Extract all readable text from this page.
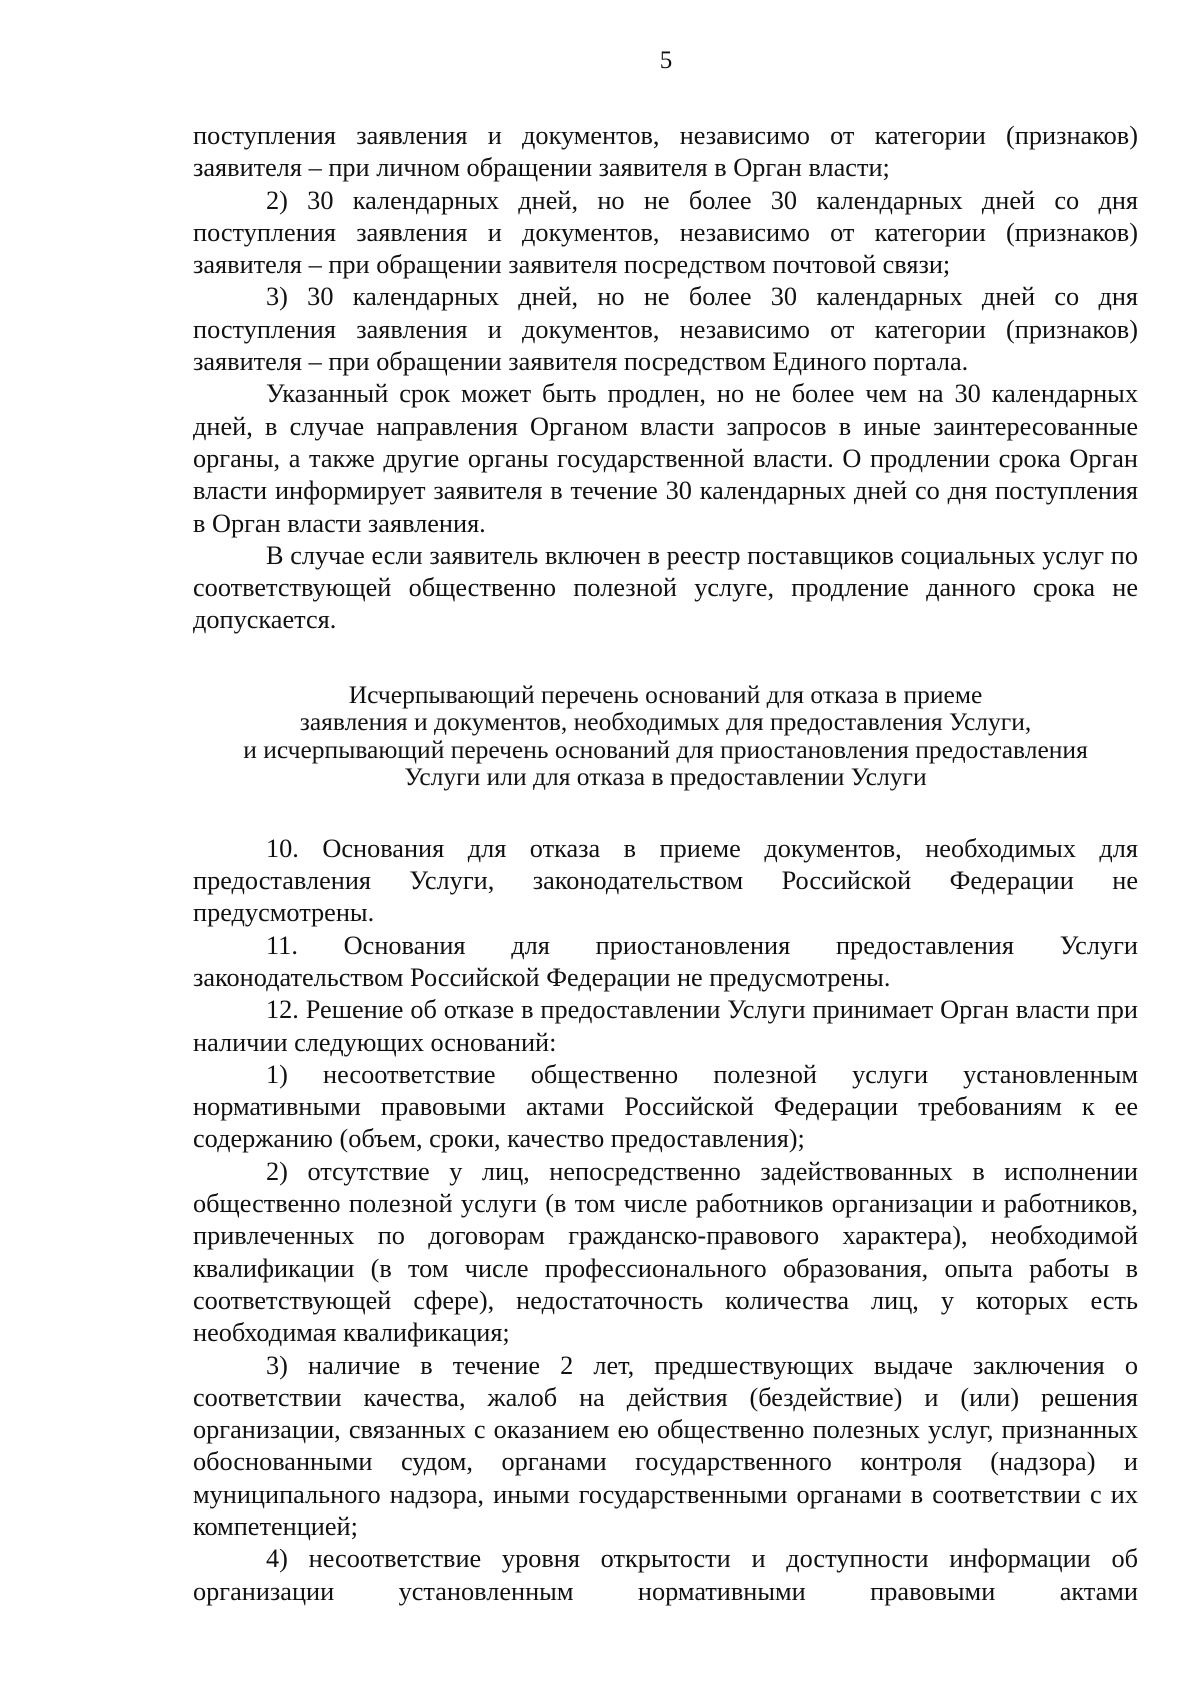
5

поступления заявления и документов, независимо от категории (признаков) заявителя – при личном обращении заявителя в Орган власти;

2) 30 календарных дней, но не более 30 календарных дней со дня поступления заявления и документов, независимо от категории (признаков) заявителя – при обращении заявителя посредством почтовой связи;

3) 30 календарных дней, но не более 30 календарных дней со дня поступления заявления и документов, независимо от категории (признаков) заявителя – при обращении заявителя посредством Единого портала.

Указанный срок может быть продлен, но не более чем на 30 календарных дней, в случае направления Органом власти запросов в иные заинтересованные органы, а также другие органы государственной власти. О продлении срока Орган власти информирует заявителя в течение 30 календарных дней со дня поступления в Орган власти заявления.

В случае если заявитель включен в реестр поставщиков социальных услуг по соответствующей общественно полезной услуге, продление данного срока не допускается.

Исчерпывающий перечень оснований для отказа в приеме
заявления и документов, необходимых для предоставления Услуги,
и исчерпывающий перечень оснований для приостановления предоставления
Услуги или для отказа в предоставлении Услуги

10. Основания для отказа в приеме документов, необходимых для предоставления Услуги, законодательством Российской Федерации не предусмотрены.

11. Основания для приостановления предоставления Услуги законодательством Российской Федерации не предусмотрены.

12. Решение об отказе в предоставлении Услуги принимает Орган власти при наличии следующих оснований:

1) несоответствие общественно полезной услуги установленным нормативными правовыми актами Российской Федерации требованиям к ее содержанию (объем, сроки, качество предоставления);

2) отсутствие у лиц, непосредственно задействованных в исполнении общественно полезной услуги (в том числе работников организации и работников, привлеченных по договорам гражданско-правового характера), необходимой квалификации (в том числе профессионального образования, опыта работы в соответствующей сфере), недостаточность количества лиц, у которых есть необходимая квалификация;

3) наличие в течение 2 лет, предшествующих выдаче заключения о соответствии качества, жалоб на действия (бездействие) и (или) решения организации, связанных с оказанием ею общественно полезных услуг, признанных обоснованными судом, органами государственного контроля (надзора) и муниципального надзора, иными государственными органами в соответствии с их компетенцией;

4) несоответствие уровня открытости и доступности информации об организации установленным нормативными правовыми актами
